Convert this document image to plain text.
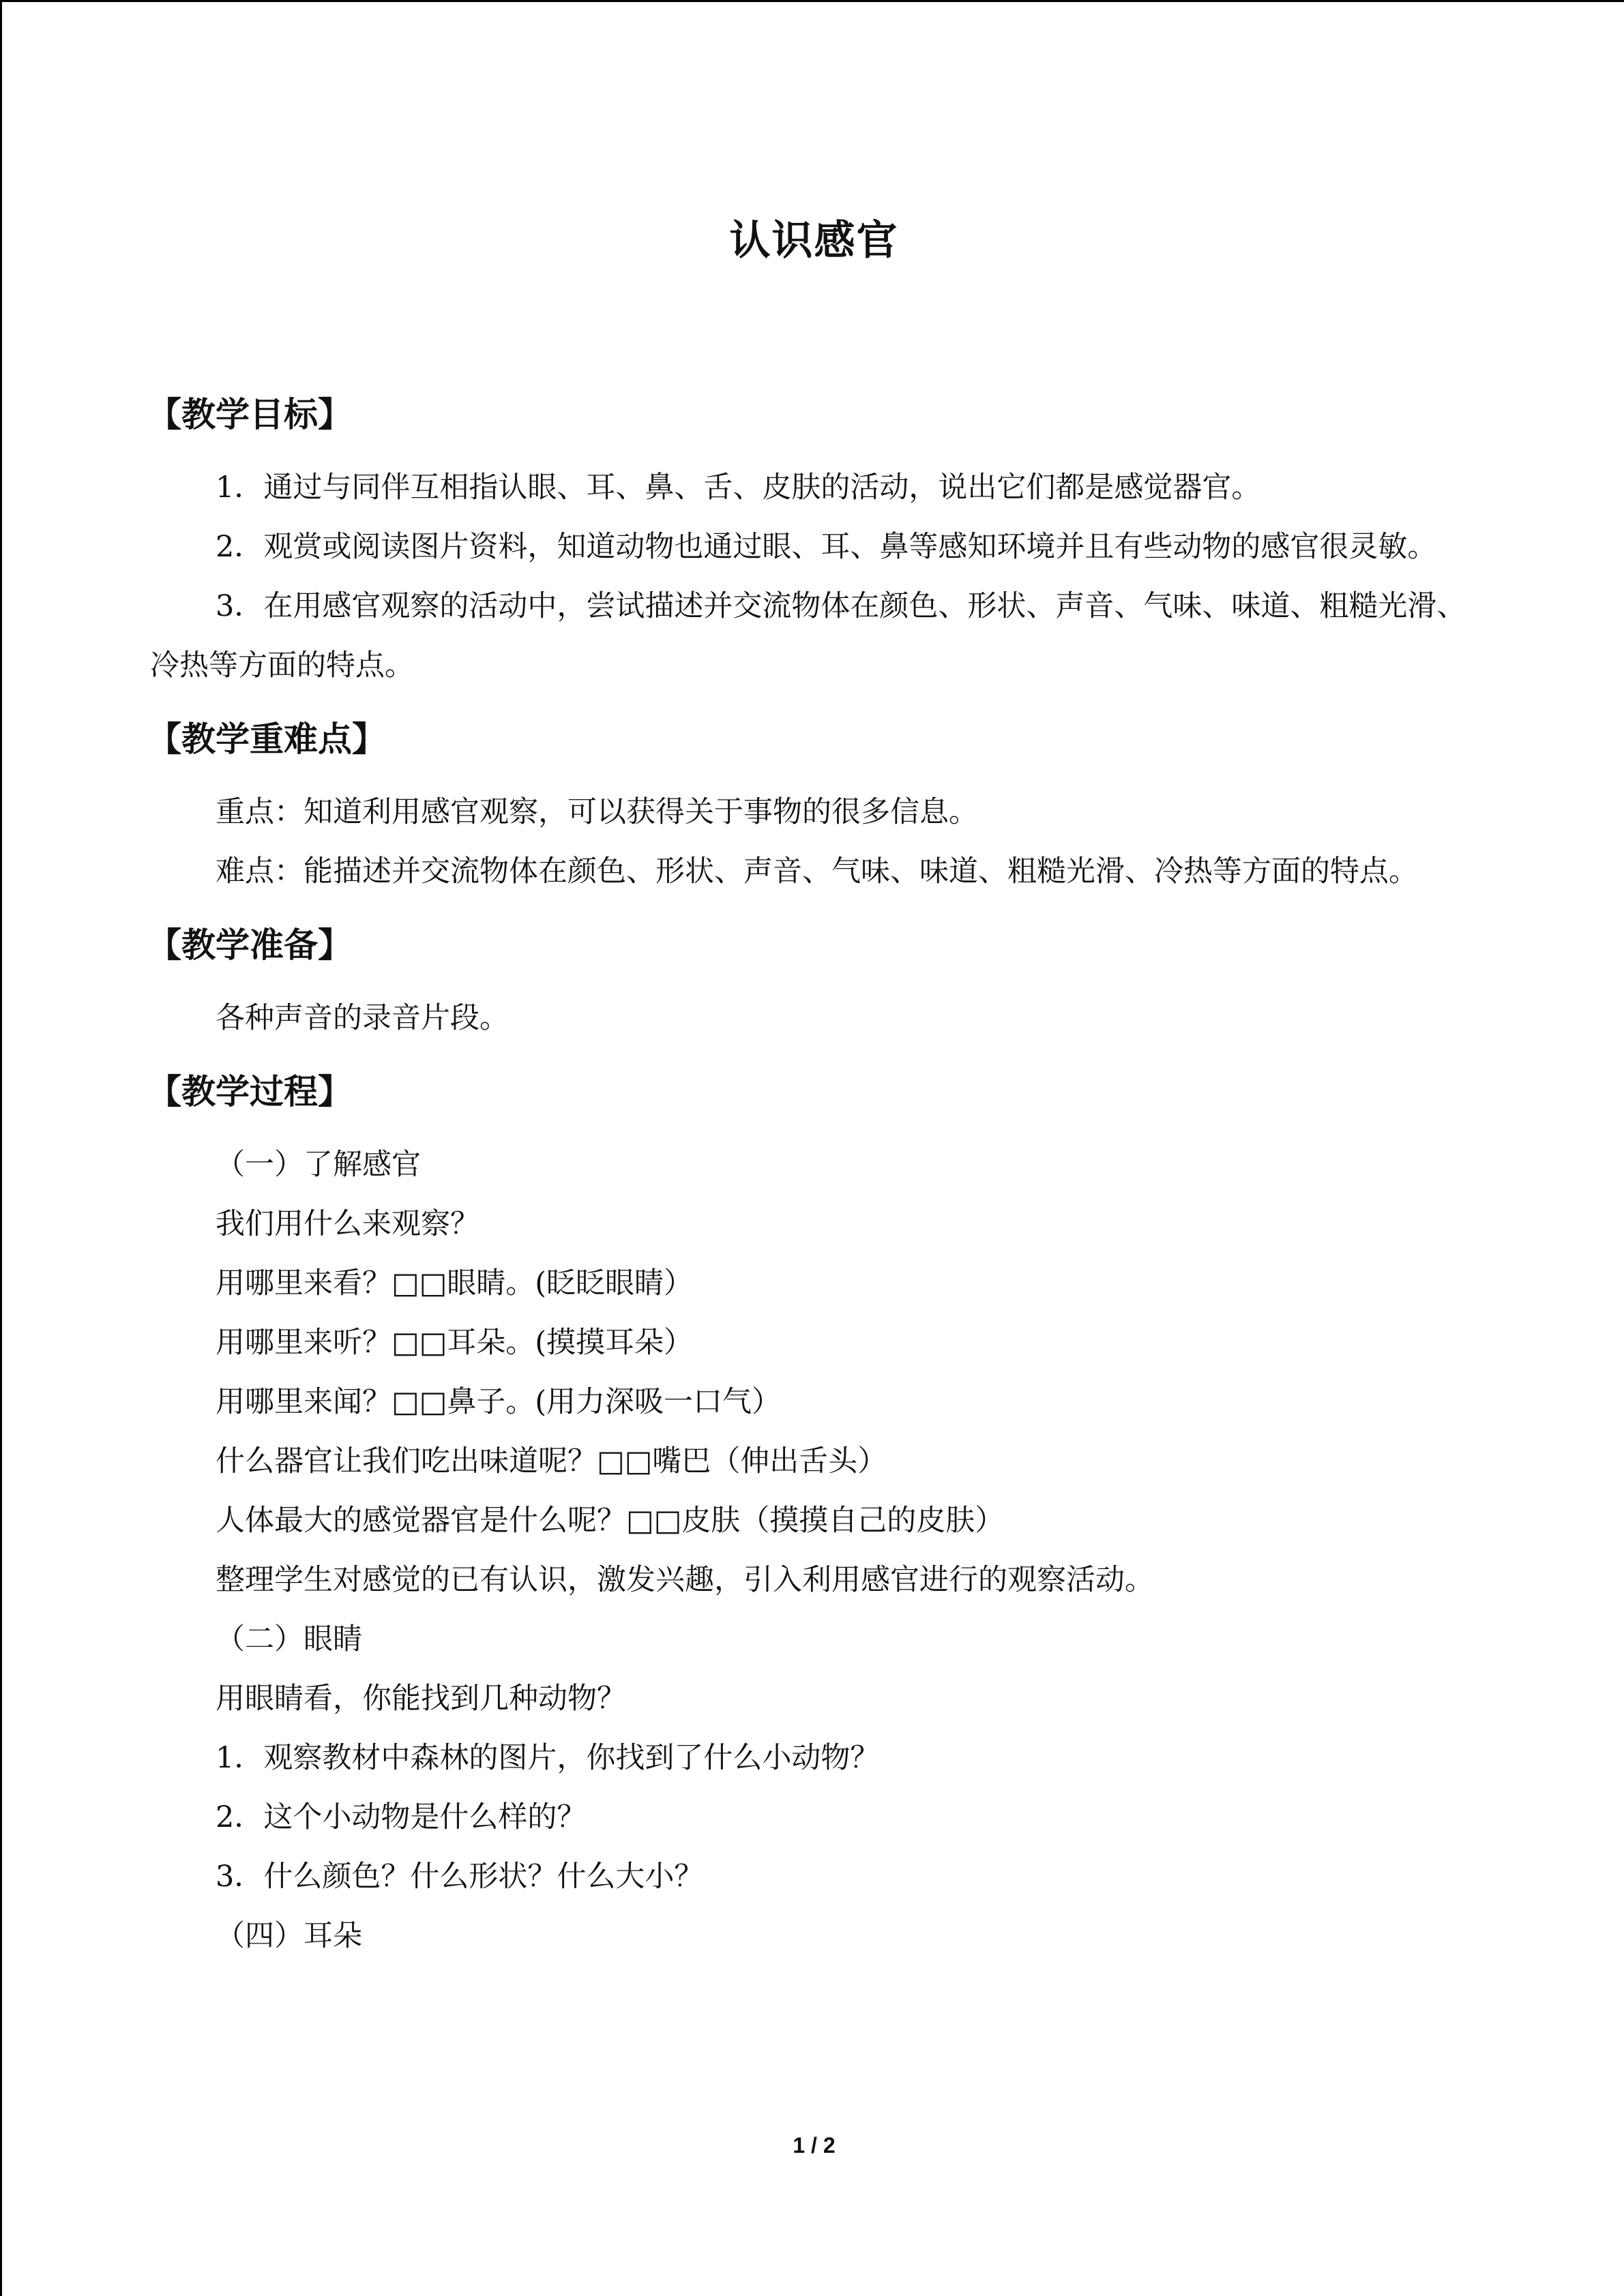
认识感官
【教学目标】

1．通过与同伴互相指认眼、耳、鼻、舌、皮肤的活动，说出它们都是感觉器官。

2．观赏或阅读图片资料，知道动物也通过眼、耳、鼻等感知环境并且有些动物的感官很灵敏。

3．在用感官观察的活动中，尝试描述并交流物体在颜色、形状、声音、气味、味道、粗糙光滑、冷热等方面的特点。

【教学重难点】

重点：知道利用感官观察，可以获得关于事物的很多信息。

难点：能描述并交流物体在颜色、形状、声音、气味、味道、粗糙光滑、冷热等方面的特点。

【教学准备】

各种声音的录音片段。

【教学过程】

（一）了解感官

我们用什么来观察？

用哪里来看？□□眼睛。(眨眨眼睛）

用哪里来听？□□耳朵。(摸摸耳朵）

用哪里来闻？□□鼻子。(用力深吸一口气）

什么器官让我们吃出味道呢？□□嘴巴（伸出舌头）

人体最大的感觉器官是什么呢？□□皮肤（摸摸自己的皮肤）

整理学生对感觉的已有认识，激发兴趣，引入利用感官进行的观察活动。

（二）眼睛

用眼睛看，你能找到几种动物？

1．观察教材中森林的图片，你找到了什么小动物？

2．这个小动物是什么样的？

3．什么颜色？什么形状？什么大小？

（四）耳朵

1 / 2
